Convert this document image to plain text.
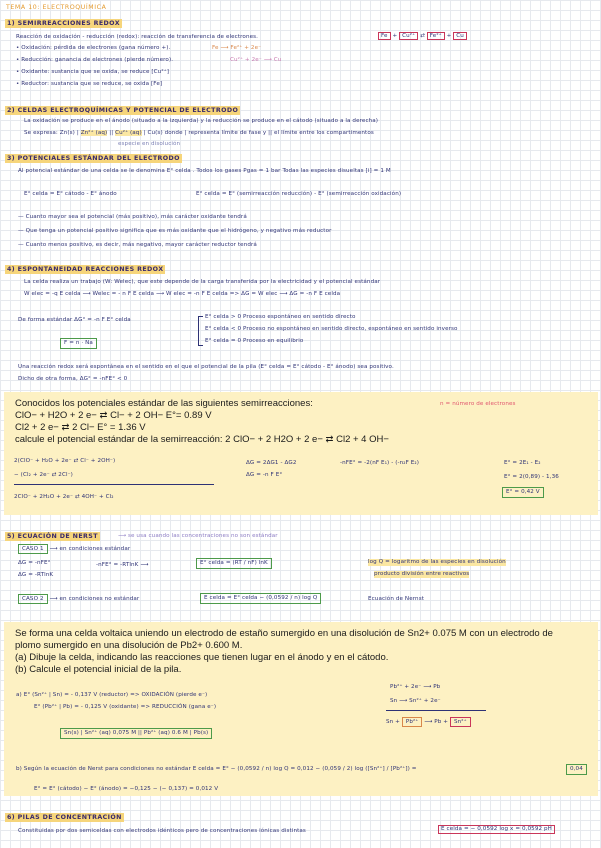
TEMA 10: ELECTROQUÍMICA
1) SEMIRREACCIONES REDOX
Reacción de oxidación - reducción (redox): reacción de transferencia de electrones.	Fe + Cu²⁺ ⇄ Fe²⁺ + Cu
• Oxidación: pérdida de electrones (gana número +).	Fe ⟶ Fe²⁺ + 2e⁻
• Reducción: ganancia de electrones (pierde número).	Cu²⁺ + 2e⁻ ⟶ Cu
• Oxidante: sustancia que se oxida, se reduce [Cu²⁺]
• Reductor: sustancia que se reduce, se oxida [Fe]
2) CELDAS ELECTROQUÍMICAS Y POTENCIAL DE ELECTRODO
La oxidación se produce en el ánodo (situado a la izquierda) y la reducción se produce en el cátodo (situado a la derecha)
Se expresa: Zn(s) | Zn²⁺ (aq) || Cu²⁺ (aq) | Cu(s) donde | representa límite de fase y || el límite entre los compartimentos
especie en disolución
3) POTENCIALES ESTÁNDAR DEL ELECTRODO
Al potencial estándar de una celda se le denomina E° celda . Todos los gases Pgas = 1 bar Todas las especies disueltas [i] = 1 M
E° celda = E° cátodo - E° ánodo	E° celda = E° (semirreacción reducción) - E° (semirreacción oxidación)
— Cuanto mayor sea el potencial (más positivo), más carácter oxidante tendrá
— Que tenga un potencial positivo significa que es más oxidante que el hidrógeno, y negativo más reductor
— Cuanto menos positivo, es decir, más negativo, mayor carácter reductor tendrá
4) ESPONTANEIDAD REACCIONES REDOX
La celda realiza un trabajo (W: Welec), que este depende de la carga transferida por la electricidad y el potencial estándar
W elec = -q E celda ⟶ Welec = - n F E celda ⟶ W elec = -n F E celda => ΔG = W elec ⟶ ΔG = -n F E celda
De forma estándar ΔG° = -n F E° celda	E° celda > 0 Proceso espontáneo en sentido directo
E° celda < 0 Proceso no espontáneo en sentido directo, espontáneo en sentido inverso
E° celda = 0 Proceso en equilibrio
F = n · Na
Una reacción redox será espontánea en el sentido en el que el potencial de la pila (E° celda = E° cátodo - E° ánodo) sea positivo.
Dicho de otra forma, ΔG° = -nFE° < 0
Conocidos los potenciales estándar de las siguientes semirreacciones:
ClO− + H2O + 2 e− ⇄ Cl− + 2 OH− E°= 0.89 V
Cl2 + 2 e− ⇄ 2 Cl− E° = 1.36 V
calcule el potencial estándar de la semirreacción: 2 ClO− + 2 H2O + 2 e− ⇄ Cl2 + 4 OH−
n = número de electrones
2(ClO⁻ + H₂O + 2e⁻ ⇄ Cl⁻ + 2OH⁻)
− (Cl₂ + 2e⁻ ⇄ 2Cl⁻)
2ClO⁻ + 2H₂O + 2e⁻ ⇄ 4OH⁻ + Cl₂
ΔG = 2ΔG1 - ΔG2
ΔG = -n F E°
-nFE° = -2(nF E₁) - (-n₂F E₂)	E° = 2E₁ - E₂
E° = 2(0,89) - 1,36
E° = 0,42 V
5) ECUACIÓN DE NERST	⟶ se usa cuando las concentraciones no son estándar
CASO 1 ⟶ en condiciones estándar
ΔG = -nFE°
ΔG = -RTlnK
-nFE° = -RTlnK ⟶	E° celda = (RT / nF) lnK	log Q = logaritmo de las especies en disolución
producto división entre reactivos
CASO 2 ⟶ en condiciones no estándar	E celda = E° celda − (0,0592 / n) log Q	Ecuación de Nernst
Se forma una celda voltaica uniendo un electrodo de estaño sumergido en una disolución de Sn2+ 0.075 M con un electrodo de
plomo sumergido en una disolución de Pb2+ 0.600 M.
(a) Dibuje la celda, indicando las reacciones que tienen lugar en el ánodo y en el cátodo.
(b) Calcule el potencial inicial de la pila.
a) E° (Sn²⁺ | Sn) = - 0,137 V (reductor) => OXIDACIÓN (pierde e⁻)
E° (Pb²⁺ | Pb) = - 0,125 V (oxidante) => REDUCCIÓN (gana e⁻)
Sn(s) | Sn²⁺ (aq) 0,075 M || Pb²⁺ (aq) 0.6 M | Pb(s)
Pb²⁺ + 2e⁻ ⟶ Pb
Sn ⟶ Sn²⁺ + 2e⁻
Sn + Pb²⁺ ⟶ Pb + Sn²⁺
b) Según la ecuación de Nerst para condiciones no estándar E celda = E° − (0,0592 / n) log Q = 0,012 − (0,059 / 2) log ([Sn²⁺] / [Pb²⁺]) =	0,04
E° = E° (cátodo) − E° (ánodo) = −0,125 − (− 0,137) = 0,012 V
6) PILAS DE CONCENTRACIÓN
Constituidas por dos semiceldas con electrodos idénticos pero de concentraciones iónicas distintas	E celda = − 0,0592 log x = 0,0592 pH
